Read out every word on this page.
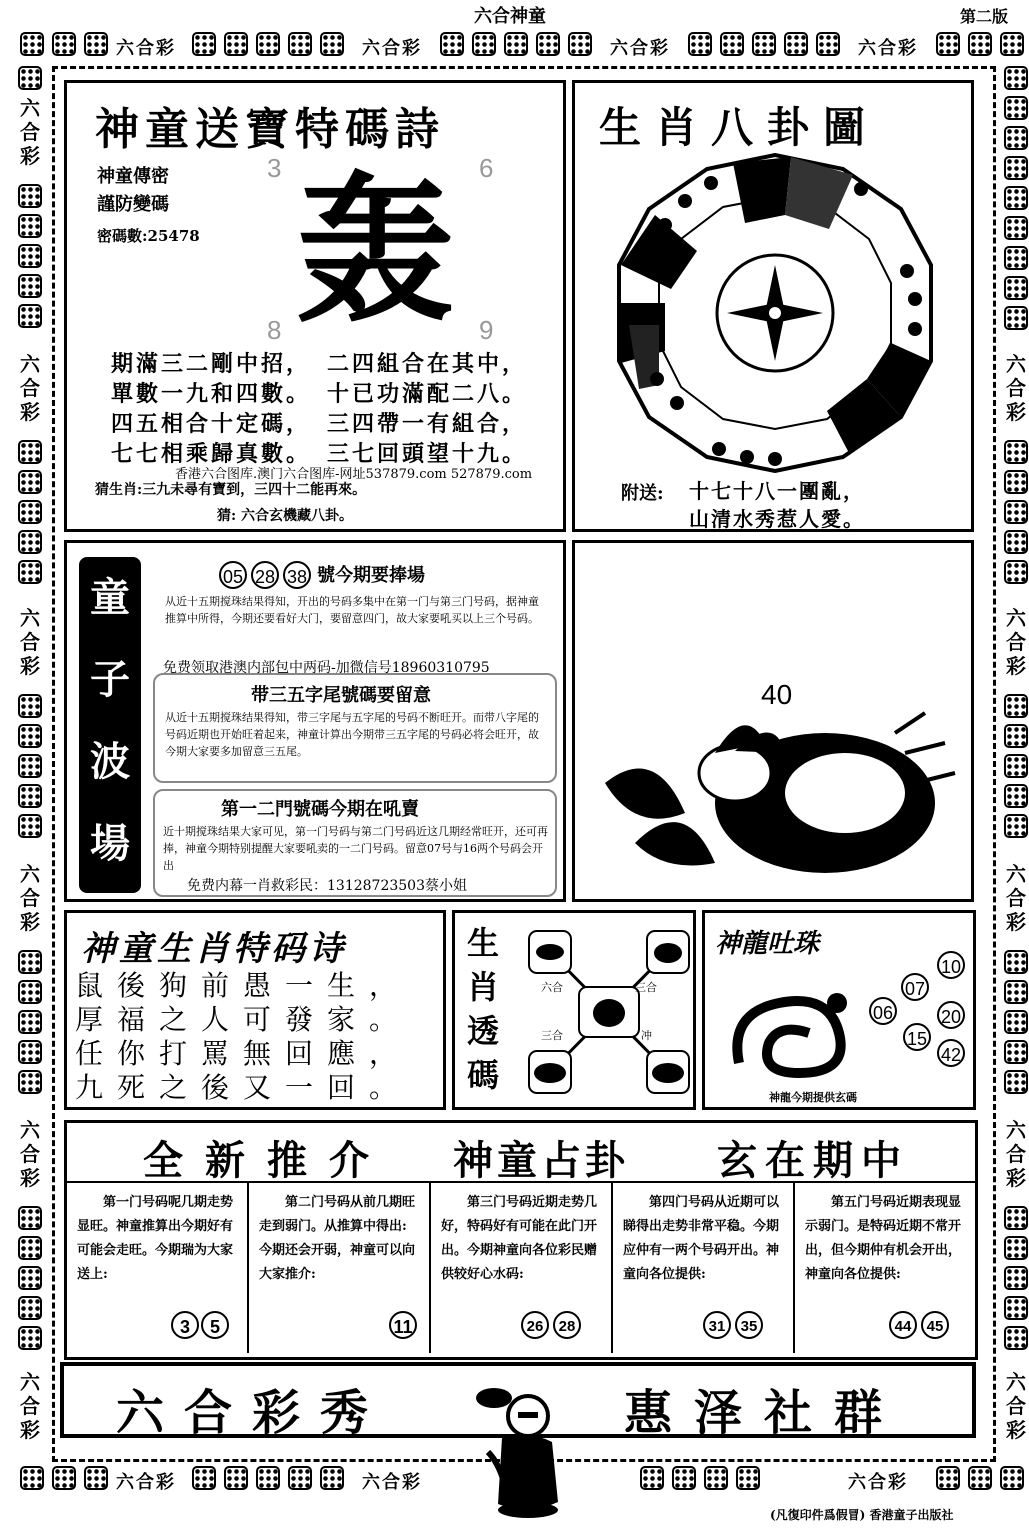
六合神童	第二版
六合彩	六合彩	六合彩	六合彩
六合彩	六合彩	六合彩
六
合
彩
六
合
彩
六
合
彩
六
合
彩
六
合
彩
六
合
彩
六
合
彩
六
合
彩
六
合
彩
六
合
彩
六
合
彩
神童送寶特碼詩
神童傳密
謹防變碼
密碼數:25478
3	6
8	9
轰
期滿三二剛中招，
單數一九和四數。
四五相合十定碼，
七七相乘歸真數。
二四組合在其中，
十已功滿配二八。
三四帶一有組合，
三七回頭望十九。
香港六合图库.澳门六合图库-网址537879.com 527879.com
猜生肖:三九未尋有寶到，三四十二能再來。
猜: 六合玄機藏八卦。
生肖八卦圖
附送: 十七十八一團亂，
山清水秀惹人愛。
童
子
波
場
05 28 38 號今期要捧場
从近十五期搅珠结果得知，开出的号码多集中在第一门与第三门号码，据神童推算中所得，今期还要看好大门，要留意四门，故大家要吼买以上三个号码。
免费领取港澳内部包中两码-加微信号18960310795
带三五字尾號碼要留意
从近十五期搅珠结果得知，带三字尾与五字尾的号码不断旺开。而带八字尾的号码近期也开始旺着起来，神童计算出今期带三五字尾的号码必将会旺开，故今期大家要多加留意三五尾。
第一二門號碼今期在吼賣
近十期搅珠结果大家可见，第一门号码与第二门号码近这几期经常旺开，还可再捧，神童今期特别提醒大家要吼卖的一二门号码。留意07号与16两个号码会开出
免费内幕一肖救彩民：13128723503蔡小姐
40
神童生肖特码诗
鼠後狗前愚一生，
厚福之人可發家。
任你打罵無回應，
九死之後又一回。
生
肖
透
碼
六合	三合
三合	冲
神龍吐珠
10
07
20
06
15
42
神龍今期提供玄碼
全新推介 神童占卦 玄在期中
第一门号码呢几期走势显旺。神童推算出今期好有可能会走旺。今期瑞为大家送上:
3	5
第二门号码从前几期旺走到弱门。从推算中得出:今期还会开弱，神童可以向大家推介:
11
第三门号码近期走势几好，特码好有可能在此门开出。今期神童向各位彩民赠供较好心水码:
26	28
第四门号码从近期可以睇得出走势非常平稳。今期应仲有一两个号码开出。神童向各位提供:
31	35
第五门号码近期表现显示弱门。是特码近期不常开出，但今期仲有机会开出，神童向各位提供:
44	45
六合彩秀	惠泽社群
(凡復印件爲假冒) 香港童子出版社
